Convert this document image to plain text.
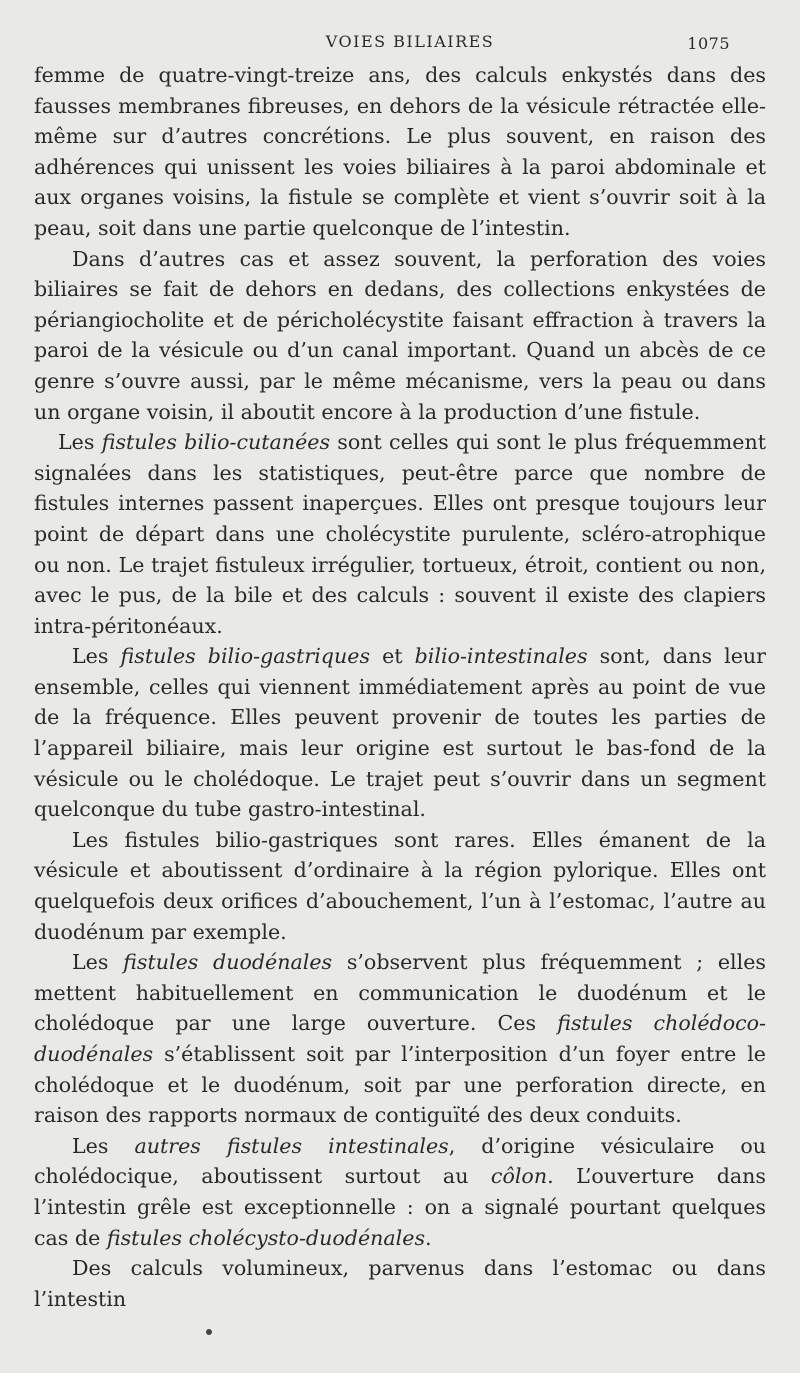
VOIES BILIAIRES	1075

femme de quatre-vingt-treize ans, des calculs enkystés dans des fausses membranes fibreuses, en dehors de la vésicule rétractée elle-même sur d’autres concrétions. Le plus souvent, en raison des adhérences qui unissent les voies biliaires à la paroi abdominale et aux organes voisins, la fistule se complète et vient s’ouvrir soit à la peau, soit dans une partie quelconque de l’intestin.

Dans d’autres cas et assez souvent, la perforation des voies biliaires se fait de dehors en dedans, des collections enkystées de périangiocholite et de péricholécystite faisant effraction à travers la paroi de la vésicule ou d’un canal important. Quand un abcès de ce genre s’ouvre aussi, par le même mécanisme, vers la peau ou dans un organe voisin, il aboutit encore à la production d’une fistule.

Les fistules bilio-cutanées sont celles qui sont le plus fréquemment signalées dans les statistiques, peut-être parce que nombre de fistules internes passent inaperçues. Elles ont presque toujours leur point de départ dans une cholécystite purulente, scléro-atrophique ou non. Le trajet fistuleux irrégulier, tortueux, étroit, contient ou non, avec le pus, de la bile et des calculs : souvent il existe des clapiers intra-péritonéaux.

Les fistules bilio-gastriques et bilio-intestinales sont, dans leur ensemble, celles qui viennent immédiatement après au point de vue de la fréquence. Elles peuvent provenir de toutes les parties de l’appareil biliaire, mais leur origine est surtout le bas-fond de la vésicule ou le cholédoque. Le trajet peut s’ouvrir dans un segment quelconque du tube gastro-intestinal.

Les fistules bilio-gastriques sont rares. Elles émanent de la vésicule et aboutissent d’ordinaire à la région pylorique. Elles ont quelquefois deux orifices d’abouchement, l’un à l’estomac, l’autre au duodénum par exemple.

Les fistules duodénales s’observent plus fréquemment ; elles mettent habituellement en communication le duodénum et le cholédoque par une large ouverture. Ces fistules cholédoco-duodénales s’établissent soit par l’interposition d’un foyer entre le cholédoque et le duodénum, soit par une perforation directe, en raison des rapports normaux de contiguïté des deux conduits.

Les autres fistules intestinales, d’origine vésiculaire ou cholédocique, aboutissent surtout au côlon. L’ouverture dans l’intestin grêle est exceptionnelle : on a signalé pourtant quelques cas de fistules cholécysto-duodénales.

Des calculs volumineux, parvenus dans l’estomac ou dans l’intestin
